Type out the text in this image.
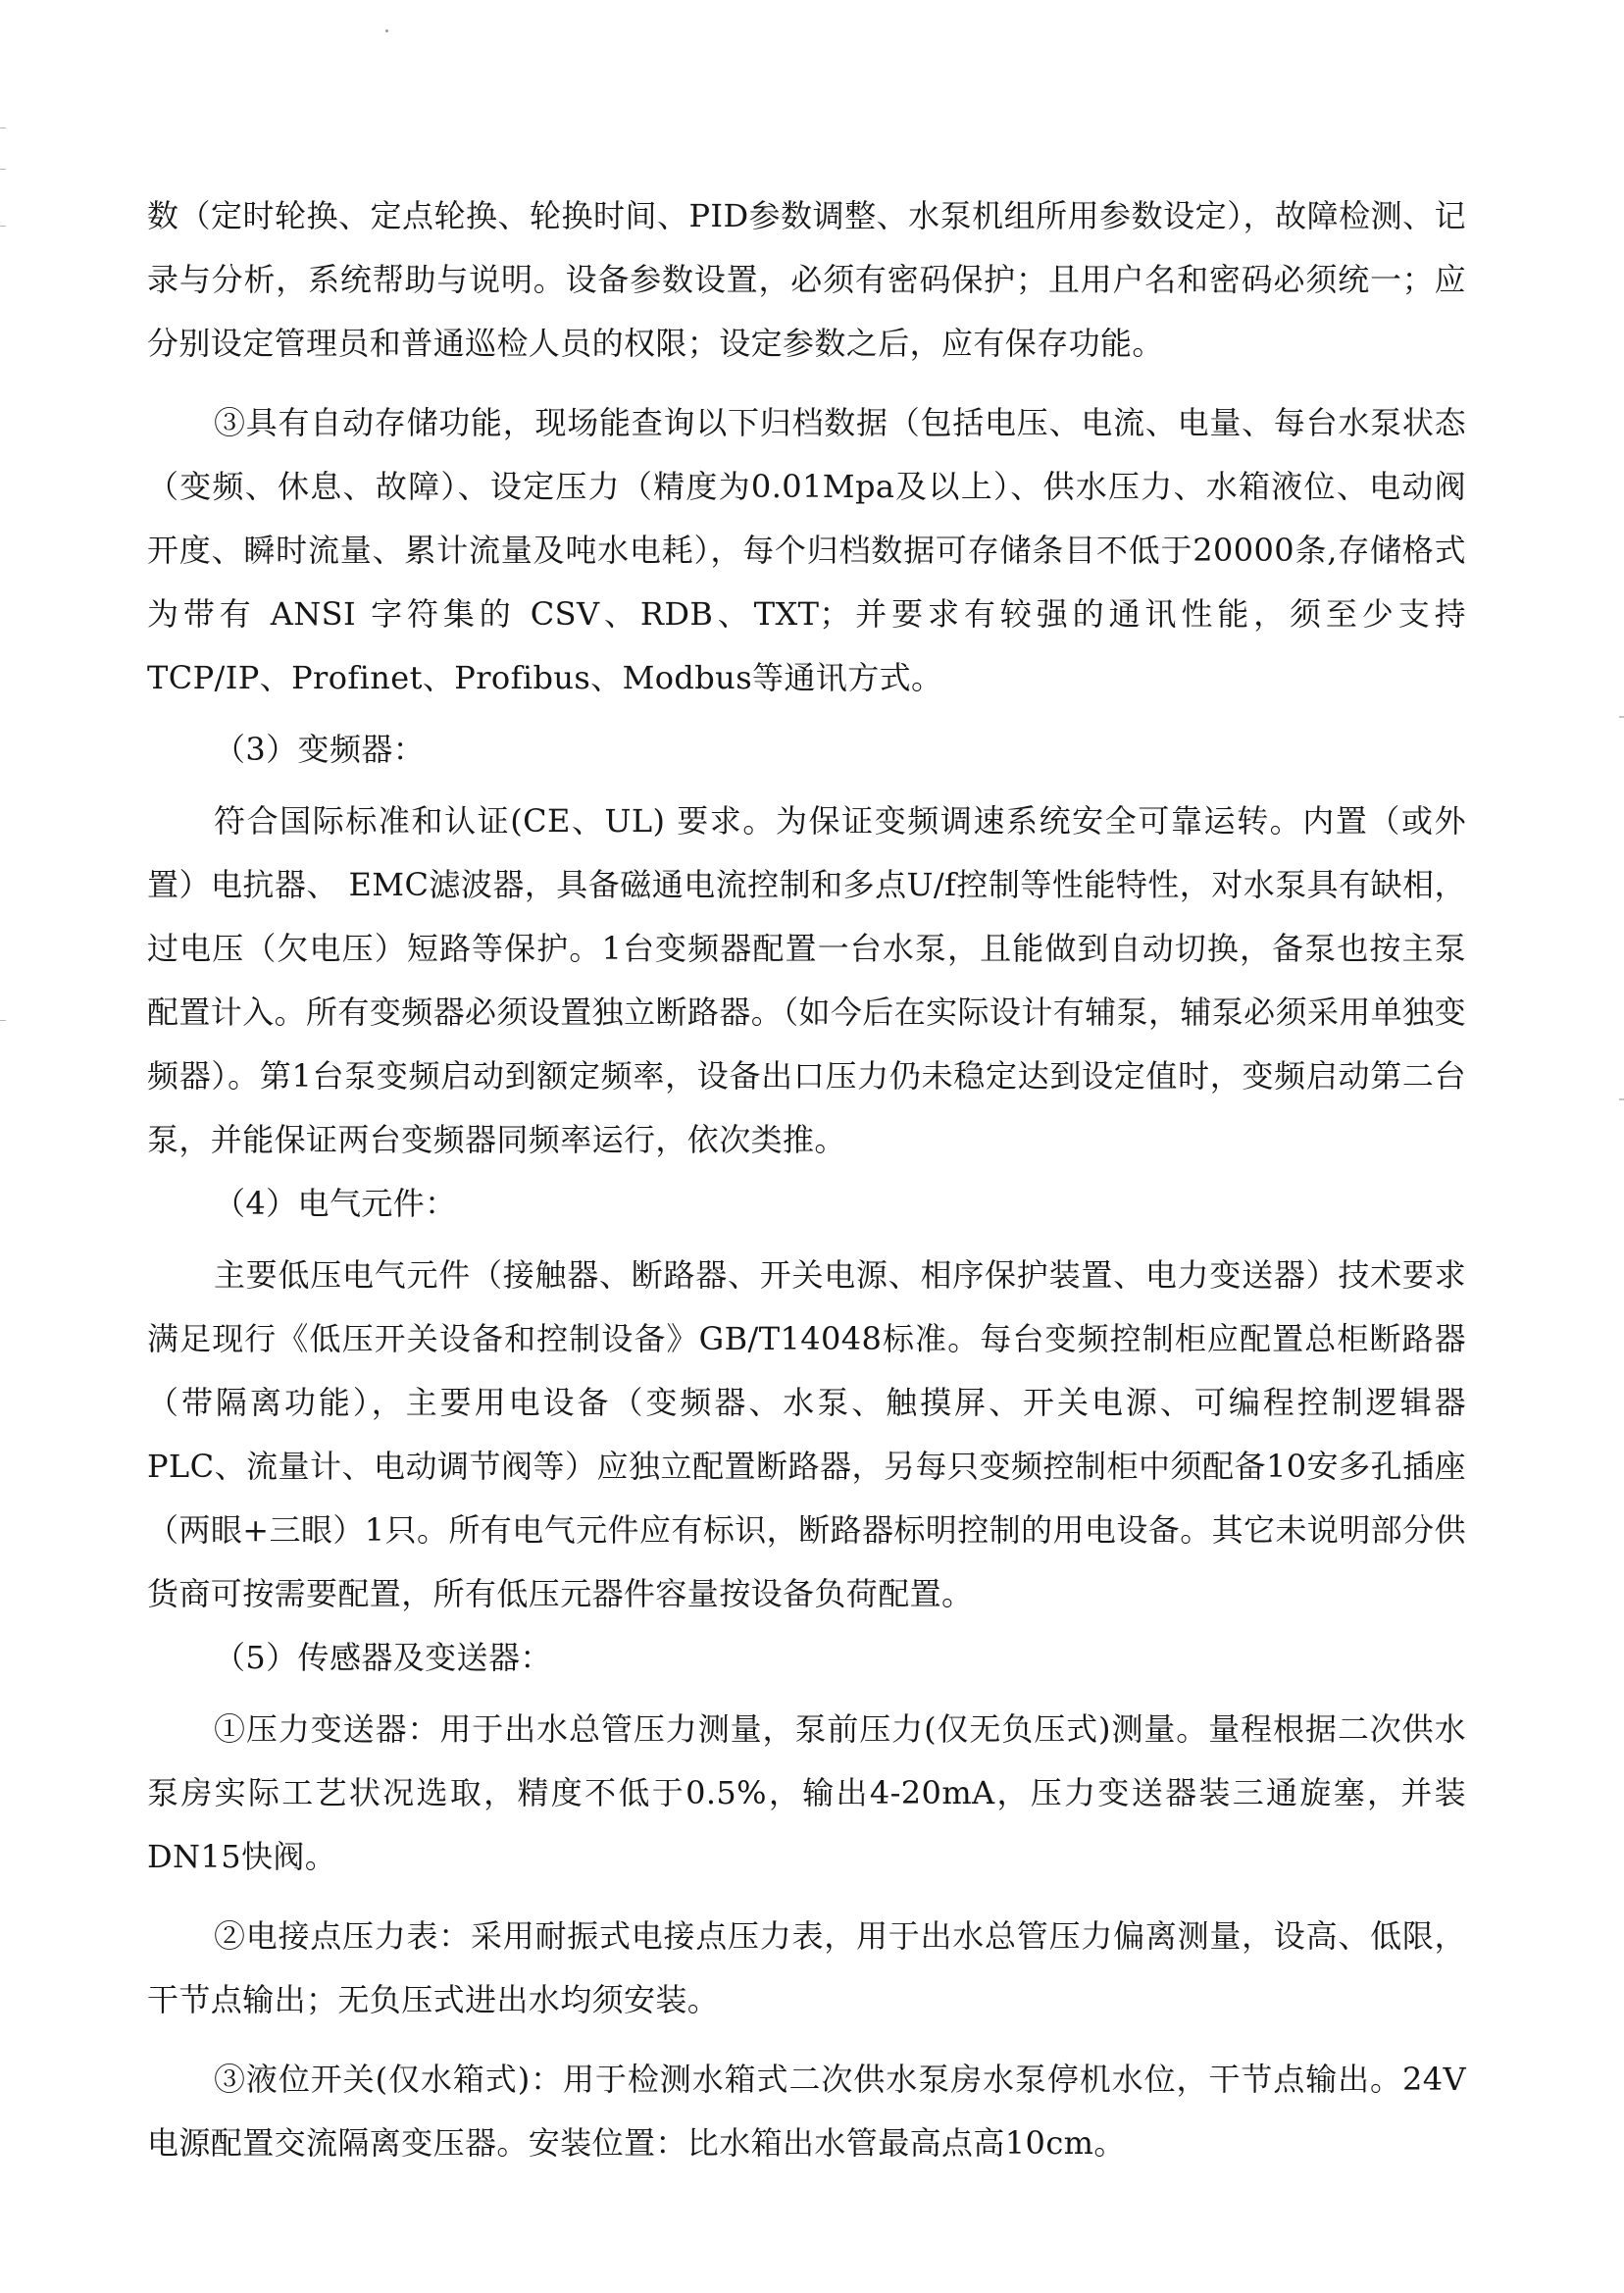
数（定时轮换、定点轮换、轮换时间、PID参数调整、水泵机组所用参数设定），故障检测、记录与分析，系统帮助与说明。设备参数设置，必须有密码保护；且用户名和密码必须统一；应分别设定管理员和普通巡检人员的权限；设定参数之后，应有保存功能。

③具有自动存储功能，现场能查询以下归档数据（包括电压、电流、电量、每台水泵状态（变频、休息、故障）、设定压力（精度为0.01Mpa及以上）、供水压力、水箱液位、电动阀开度、瞬时流量、累计流量及吨水电耗），每个归档数据可存储条目不低于20000条,存储格式为带有 ANSI 字符集的 CSV、RDB、TXT；并要求有较强的通讯性能，须至少支持TCP/IP、Profinet、Profibus、Modbus等通讯方式。

（3）变频器：

符合国际标准和认证(CE、UL) 要求。为保证变频调速系统安全可靠运转。内置（或外置）电抗器、 EMC滤波器，具备磁通电流控制和多点U/f控制等性能特性，对水泵具有缺相，过电压（欠电压）短路等保护。1台变频器配置一台水泵，且能做到自动切换，备泵也按主泵配置计入。所有变频器必须设置独立断路器。（如今后在实际设计有辅泵，辅泵必须采用单独变频器）。第1台泵变频启动到额定频率，设备出口压力仍未稳定达到设定值时，变频启动第二台泵，并能保证两台变频器同频率运行，依次类推。

（4）电气元件：

主要低压电气元件（接触器、断路器、开关电源、相序保护装置、电力变送器）技术要求满足现行《低压开关设备和控制设备》GB/T14048标准。每台变频控制柜应配置总柜断路器（带隔离功能），主要用电设备（变频器、水泵、触摸屏、开关电源、可编程控制逻辑器PLC、流量计、电动调节阀等）应独立配置断路器，另每只变频控制柜中须配备10安多孔插座（两眼+三眼）1只。所有电气元件应有标识，断路器标明控制的用电设备。其它未说明部分供货商可按需要配置，所有低压元器件容量按设备负荷配置。

（5）传感器及变送器：

①压力变送器：用于出水总管压力测量，泵前压力(仅无负压式)测量。量程根据二次供水泵房实际工艺状况选取，精度不低于0.5%，输出4-20mA，压力变送器装三通旋塞，并装DN15快阀。

②电接点压力表：采用耐振式电接点压力表，用于出水总管压力偏离测量，设高、低限，干节点输出；无负压式进出水均须安装。

③液位开关(仅水箱式)：用于检测水箱式二次供水泵房水泵停机水位，干节点输出。24V电源配置交流隔离变压器。安装位置：比水箱出水管最高点高10cm。
